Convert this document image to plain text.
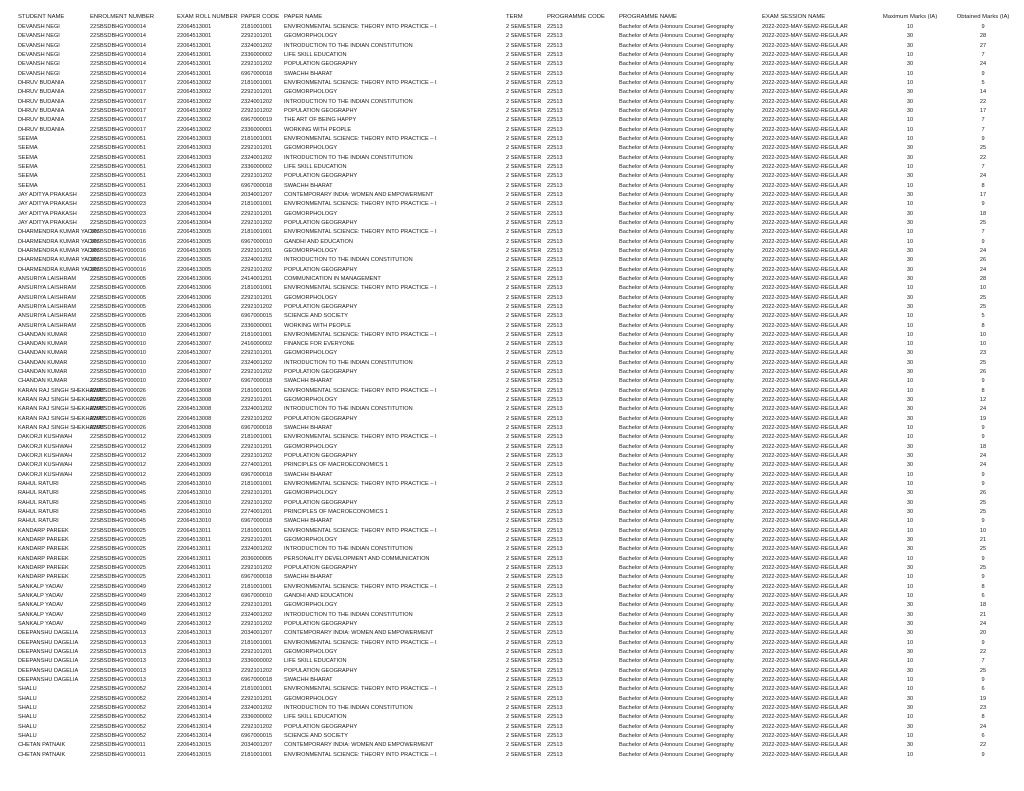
STUDENT NAME	ENROLMENT NUMBER	EXAM ROLL NUMBER	PAPER CODE	PAPER NAME	TERM	PROGRAMME CODE	PROGRAMME NAME	EXAM SESSION NAME	Maximum Marks (IA)	Obtained Marks (IA)
DEVANSH NEGI	22SBSDBHGY000014	22064513001	2181001001	ENVIRONMENTAL SCIENCE: THEORY INTO PRACTICE – I	2 SEMESTER	22513	Bachelor of Arts (Honours Course) Geography	2022-2023-MAY-SEM2-REGULAR	10	9
DEVANSH NEGI	22SBSDBHGY000014	22064513001	2292101201	GEOMORPHOLOGY	2 SEMESTER	22513	Bachelor of Arts (Honours Course) Geography	2022-2023-MAY-SEM2-REGULAR	30	28
DEVANSH NEGI	22SBSDBHGY000014	22064513001	2324001202	INTRODUCTION TO THE INDIAN CONSTITUTION	2 SEMESTER	22513	Bachelor of Arts (Honours Course) Geography	2022-2023-MAY-SEM2-REGULAR	30	27
DEVANSH NEGI	22SBSDBHGY000014	22064513001	2336000002	LIFE SKILL EDUCATION	2 SEMESTER	22513	Bachelor of Arts (Honours Course) Geography	2022-2023-MAY-SEM2-REGULAR	10	7
DEVANSH NEGI	22SBSDBHGY000014	22064513001	2292101202	POPULATION GEOGRAPHY	2 SEMESTER	22513	Bachelor of Arts (Honours Course) Geography	2022-2023-MAY-SEM2-REGULAR	30	24
DEVANSH NEGI	22SBSDBHGY000014	22064513001	6967000018	SWACHH BHARAT	2 SEMESTER	22513	Bachelor of Arts (Honours Course) Geography	2022-2023-MAY-SEM2-REGULAR	10	9
DHRUV BUDANIA	22SBSDBHGY000017	22064513002	2181001001	ENVIRONMENTAL SCIENCE: THEORY INTO PRACTICE – I	2 SEMESTER	22513	Bachelor of Arts (Honours Course) Geography	2022-2023-MAY-SEM2-REGULAR	10	5
DHRUV BUDANIA	22SBSDBHGY000017	22064513002	2292101201	GEOMORPHOLOGY	2 SEMESTER	22513	Bachelor of Arts (Honours Course) Geography	2022-2023-MAY-SEM2-REGULAR	30	14
DHRUV BUDANIA	22SBSDBHGY000017	22064513002	2324001202	INTRODUCTION TO THE INDIAN CONSTITUTION	2 SEMESTER	22513	Bachelor of Arts (Honours Course) Geography	2022-2023-MAY-SEM2-REGULAR	30	22
DHRUV BUDANIA	22SBSDBHGY000017	22064513002	2292101202	POPULATION GEOGRAPHY	2 SEMESTER	22513	Bachelor of Arts (Honours Course) Geography	2022-2023-MAY-SEM2-REGULAR	30	17
DHRUV BUDANIA	22SBSDBHGY000017	22064513002	6967000019	THE ART OF BEING HAPPY	2 SEMESTER	22513	Bachelor of Arts (Honours Course) Geography	2022-2023-MAY-SEM2-REGULAR	10	7
DHRUV BUDANIA	22SBSDBHGY000017	22064513002	2336000001	WORKING WITH PEOPLE	2 SEMESTER	22513	Bachelor of Arts (Honours Course) Geography	2022-2023-MAY-SEM2-REGULAR	10	7
SEEMA	22SBSDBHGY000051	22064513003	2181001001	ENVIRONMENTAL SCIENCE: THEORY INTO PRACTICE – I	2 SEMESTER	22513	Bachelor of Arts (Honours Course) Geography	2022-2023-MAY-SEM2-REGULAR	10	9
SEEMA	22SBSDBHGY000051	22064513003	2292101201	GEOMORPHOLOGY	2 SEMESTER	22513	Bachelor of Arts (Honours Course) Geography	2022-2023-MAY-SEM2-REGULAR	30	25
SEEMA	22SBSDBHGY000051	22064513003	2324001202	INTRODUCTION TO THE INDIAN CONSTITUTION	2 SEMESTER	22513	Bachelor of Arts (Honours Course) Geography	2022-2023-MAY-SEM2-REGULAR	30	22
SEEMA	22SBSDBHGY000051	22064513003	2336000002	LIFE SKILL EDUCATION	2 SEMESTER	22513	Bachelor of Arts (Honours Course) Geography	2022-2023-MAY-SEM2-REGULAR	10	7
SEEMA	22SBSDBHGY000051	22064513003	2292101202	POPULATION GEOGRAPHY	2 SEMESTER	22513	Bachelor of Arts (Honours Course) Geography	2022-2023-MAY-SEM2-REGULAR	30	24
SEEMA	22SBSDBHGY000051	22064513003	6967000018	SWACHH BHARAT	2 SEMESTER	22513	Bachelor of Arts (Honours Course) Geography	2022-2023-MAY-SEM2-REGULAR	10	8
JAY ADITYA PRAKASH	22SBSDBHGY000023	22064513004	2034001207	CONTEMPORARY INDIA: WOMEN AND EMPOWERMENT	2 SEMESTER	22513	Bachelor of Arts (Honours Course) Geography	2022-2023-MAY-SEM2-REGULAR	30	17
JAY ADITYA PRAKASH	22SBSDBHGY000023	22064513004	2181001001	ENVIRONMENTAL SCIENCE: THEORY INTO PRACTICE – I	2 SEMESTER	22513	Bachelor of Arts (Honours Course) Geography	2022-2023-MAY-SEM2-REGULAR	10	9
JAY ADITYA PRAKASH	22SBSDBHGY000023	22064513004	2292101201	GEOMORPHOLOGY	2 SEMESTER	22513	Bachelor of Arts (Honours Course) Geography	2022-2023-MAY-SEM2-REGULAR	30	18
JAY ADITYA PRAKASH	22SBSDBHGY000023	22064513004	2292101202	POPULATION GEOGRAPHY	2 SEMESTER	22513	Bachelor of Arts (Honours Course) Geography	2022-2023-MAY-SEM2-REGULAR	30	25
DHARMENDRA KUMAR YADAV	22SBSDBHGY000016	22064513005	2181001001	ENVIRONMENTAL SCIENCE: THEORY INTO PRACTICE – I	2 SEMESTER	22513	Bachelor of Arts (Honours Course) Geography	2022-2023-MAY-SEM2-REGULAR	10	7
DHARMENDRA KUMAR YADAV	22SBSDBHGY000016	22064513005	6967000010	GANDHI AND EDUCATION	2 SEMESTER	22513	Bachelor of Arts (Honours Course) Geography	2022-2023-MAY-SEM2-REGULAR	10	9
DHARMENDRA KUMAR YADAV	22SBSDBHGY000016	22064513005	2292101201	GEOMORPHOLOGY	2 SEMESTER	22513	Bachelor of Arts (Honours Course) Geography	2022-2023-MAY-SEM2-REGULAR	30	24
DHARMENDRA KUMAR YADAV	22SBSDBHGY000016	22064513005	2324001202	INTRODUCTION TO THE INDIAN CONSTITUTION	2 SEMESTER	22513	Bachelor of Arts (Honours Course) Geography	2022-2023-MAY-SEM2-REGULAR	30	26
DHARMENDRA KUMAR YADAV	22SBSDBHGY000016	22064513005	2292101202	POPULATION GEOGRAPHY	2 SEMESTER	22513	Bachelor of Arts (Honours Course) Geography	2022-2023-MAY-SEM2-REGULAR	30	24
ANSURIYA LAISHRAM	22SBSDBHGY000005	22064513006	2414001201	COMMUNICATION IN MANAGEMENT	2 SEMESTER	22513	Bachelor of Arts (Honours Course) Geography	2022-2023-MAY-SEM2-REGULAR	30	28
ANSURIYA LAISHRAM	22SBSDBHGY000005	22064513006	2181001001	ENVIRONMENTAL SCIENCE: THEORY INTO PRACTICE – I	2 SEMESTER	22513	Bachelor of Arts (Honours Course) Geography	2022-2023-MAY-SEM2-REGULAR	10	10
ANSURIYA LAISHRAM	22SBSDBHGY000005	22064513006	2292101201	GEOMORPHOLOGY	2 SEMESTER	22513	Bachelor of Arts (Honours Course) Geography	2022-2023-MAY-SEM2-REGULAR	30	25
ANSURIYA LAISHRAM	22SBSDBHGY000005	22064513006	2292101202	POPULATION GEOGRAPHY	2 SEMESTER	22513	Bachelor of Arts (Honours Course) Geography	2022-2023-MAY-SEM2-REGULAR	30	25
ANSURIYA LAISHRAM	22SBSDBHGY000005	22064513006	6967000015	SCIENCE AND SOCIETY	2 SEMESTER	22513	Bachelor of Arts (Honours Course) Geography	2022-2023-MAY-SEM2-REGULAR	10	5
ANSURIYA LAISHRAM	22SBSDBHGY000005	22064513006	2336000001	WORKING WITH PEOPLE	2 SEMESTER	22513	Bachelor of Arts (Honours Course) Geography	2022-2023-MAY-SEM2-REGULAR	10	8
CHANDAN KUMAR	22SBSDBHGY000010	22064513007	2181001001	ENVIRONMENTAL SCIENCE: THEORY INTO PRACTICE – I	2 SEMESTER	22513	Bachelor of Arts (Honours Course) Geography	2022-2023-MAY-SEM2-REGULAR	10	10
CHANDAN KUMAR	22SBSDBHGY000010	22064513007	2416000002	FINANCE FOR EVERYONE	2 SEMESTER	22513	Bachelor of Arts (Honours Course) Geography	2022-2023-MAY-SEM2-REGULAR	10	10
CHANDAN KUMAR	22SBSDBHGY000010	22064513007	2292101201	GEOMORPHOLOGY	2 SEMESTER	22513	Bachelor of Arts (Honours Course) Geography	2022-2023-MAY-SEM2-REGULAR	30	23
CHANDAN KUMAR	22SBSDBHGY000010	22064513007	2324001202	INTRODUCTION TO THE INDIAN CONSTITUTION	2 SEMESTER	22513	Bachelor of Arts (Honours Course) Geography	2022-2023-MAY-SEM2-REGULAR	30	25
CHANDAN KUMAR	22SBSDBHGY000010	22064513007	2292101202	POPULATION GEOGRAPHY	2 SEMESTER	22513	Bachelor of Arts (Honours Course) Geography	2022-2023-MAY-SEM2-REGULAR	30	26
CHANDAN KUMAR	22SBSDBHGY000010	22064513007	6967000018	SWACHH BHARAT	2 SEMESTER	22513	Bachelor of Arts (Honours Course) Geography	2022-2023-MAY-SEM2-REGULAR	10	9
KARAN RAJ SINGH SHEKHAWAT	22SBSDBHGY000026	22064513008	2181001001	ENVIRONMENTAL SCIENCE: THEORY INTO PRACTICE – I	2 SEMESTER	22513	Bachelor of Arts (Honours Course) Geography	2022-2023-MAY-SEM2-REGULAR	10	8
KARAN RAJ SINGH SHEKHAWAT	22SBSDBHGY000026	22064513008	2292101201	GEOMORPHOLOGY	2 SEMESTER	22513	Bachelor of Arts (Honours Course) Geography	2022-2023-MAY-SEM2-REGULAR	30	12
KARAN RAJ SINGH SHEKHAWAT	22SBSDBHGY000026	22064513008	2324001202	INTRODUCTION TO THE INDIAN CONSTITUTION	2 SEMESTER	22513	Bachelor of Arts (Honours Course) Geography	2022-2023-MAY-SEM2-REGULAR	30	24
KARAN RAJ SINGH SHEKHAWAT	22SBSDBHGY000026	22064513008	2292101202	POPULATION GEOGRAPHY	2 SEMESTER	22513	Bachelor of Arts (Honours Course) Geography	2022-2023-MAY-SEM2-REGULAR	30	19
KARAN RAJ SINGH SHEKHAWAT	22SBSDBHGY000026	22064513008	6967000018	SWACHH BHARAT	2 SEMESTER	22513	Bachelor of Arts (Honours Course) Geography	2022-2023-MAY-SEM2-REGULAR	10	9
DAKORJI KUSHWAH	22SBSDBHGY000012	22064513009	2181001001	ENVIRONMENTAL SCIENCE: THEORY INTO PRACTICE – I	2 SEMESTER	22513	Bachelor of Arts (Honours Course) Geography	2022-2023-MAY-SEM2-REGULAR	10	9
DAKORJI KUSHWAH	22SBSDBHGY000012	22064513009	2292101201	GEOMORPHOLOGY	2 SEMESTER	22513	Bachelor of Arts (Honours Course) Geography	2022-2023-MAY-SEM2-REGULAR	30	18
DAKORJI KUSHWAH	22SBSDBHGY000012	22064513009	2292101202	POPULATION GEOGRAPHY	2 SEMESTER	22513	Bachelor of Arts (Honours Course) Geography	2022-2023-MAY-SEM2-REGULAR	30	24
DAKORJI KUSHWAH	22SBSDBHGY000012	22064513009	2274001201	PRINCIPLES OF MACROECONOMICS 1	2 SEMESTER	22513	Bachelor of Arts (Honours Course) Geography	2022-2023-MAY-SEM2-REGULAR	30	24
DAKORJI KUSHWAH	22SBSDBHGY000012	22064513009	6967000018	SWACHH BHARAT	2 SEMESTER	22513	Bachelor of Arts (Honours Course) Geography	2022-2023-MAY-SEM2-REGULAR	10	9
RAHUL RATURI	22SBSDBHGY000045	22064513010	2181001001	ENVIRONMENTAL SCIENCE: THEORY INTO PRACTICE – I	2 SEMESTER	22513	Bachelor of Arts (Honours Course) Geography	2022-2023-MAY-SEM2-REGULAR	10	9
RAHUL RATURI	22SBSDBHGY000045	22064513010	2292101201	GEOMORPHOLOGY	2 SEMESTER	22513	Bachelor of Arts (Honours Course) Geography	2022-2023-MAY-SEM2-REGULAR	30	26
RAHUL RATURI	22SBSDBHGY000045	22064513010	2292101202	POPULATION GEOGRAPHY	2 SEMESTER	22513	Bachelor of Arts (Honours Course) Geography	2022-2023-MAY-SEM2-REGULAR	30	25
RAHUL RATURI	22SBSDBHGY000045	22064513010	2274001201	PRINCIPLES OF MACROECONOMICS 1	2 SEMESTER	22513	Bachelor of Arts (Honours Course) Geography	2022-2023-MAY-SEM2-REGULAR	30	25
RAHUL RATURI	22SBSDBHGY000045	22064513010	6967000018	SWACHH BHARAT	2 SEMESTER	22513	Bachelor of Arts (Honours Course) Geography	2022-2023-MAY-SEM2-REGULAR	10	9
KANDARP PAREEK	22SBSDBHGY000025	22064513011	2181001001	ENVIRONMENTAL SCIENCE: THEORY INTO PRACTICE – I	2 SEMESTER	22513	Bachelor of Arts (Honours Course) Geography	2022-2023-MAY-SEM2-REGULAR	10	10
KANDARP PAREEK	22SBSDBHGY000025	22064513011	2292101201	GEOMORPHOLOGY	2 SEMESTER	22513	Bachelor of Arts (Honours Course) Geography	2022-2023-MAY-SEM2-REGULAR	30	21
KANDARP PAREEK	22SBSDBHGY000025	22064513011	2324001202	INTRODUCTION TO THE INDIAN CONSTITUTION	2 SEMESTER	22513	Bachelor of Arts (Honours Course) Geography	2022-2023-MAY-SEM2-REGULAR	30	25
KANDARP PAREEK	22SBSDBHGY000025	22064513011	2036000005	PERSONALITY DEVELOPMENT AND COMMUNICATION	2 SEMESTER	22513	Bachelor of Arts (Honours Course) Geography	2022-2023-MAY-SEM2-REGULAR	10	9
KANDARP PAREEK	22SBSDBHGY000025	22064513011	2292101202	POPULATION GEOGRAPHY	2 SEMESTER	22513	Bachelor of Arts (Honours Course) Geography	2022-2023-MAY-SEM2-REGULAR	30	25
KANDARP PAREEK	22SBSDBHGY000025	22064513011	6967000018	SWACHH BHARAT	2 SEMESTER	22513	Bachelor of Arts (Honours Course) Geography	2022-2023-MAY-SEM2-REGULAR	10	9
SANKALP YADAV	22SBSDBHGY000049	22064513012	2181001001	ENVIRONMENTAL SCIENCE: THEORY INTO PRACTICE – I	2 SEMESTER	22513	Bachelor of Arts (Honours Course) Geography	2022-2023-MAY-SEM2-REGULAR	10	8
SANKALP YADAV	22SBSDBHGY000049	22064513012	6967000010	GANDHI AND EDUCATION	2 SEMESTER	22513	Bachelor of Arts (Honours Course) Geography	2022-2023-MAY-SEM2-REGULAR	10	6
SANKALP YADAV	22SBSDBHGY000049	22064513012	2292101201	GEOMORPHOLOGY	2 SEMESTER	22513	Bachelor of Arts (Honours Course) Geography	2022-2023-MAY-SEM2-REGULAR	30	18
SANKALP YADAV	22SBSDBHGY000049	22064513012	2324001202	INTRODUCTION TO THE INDIAN CONSTITUTION	2 SEMESTER	22513	Bachelor of Arts (Honours Course) Geography	2022-2023-MAY-SEM2-REGULAR	30	21
SANKALP YADAV	22SBSDBHGY000049	22064513012	2292101202	POPULATION GEOGRAPHY	2 SEMESTER	22513	Bachelor of Arts (Honours Course) Geography	2022-2023-MAY-SEM2-REGULAR	30	24
DEEPANSHU DAGELIA	22SBSDBHGY000013	22064513013	2034001207	CONTEMPORARY INDIA: WOMEN AND EMPOWERMENT	2 SEMESTER	22513	Bachelor of Arts (Honours Course) Geography	2022-2023-MAY-SEM2-REGULAR	30	20
DEEPANSHU DAGELIA	22SBSDBHGY000013	22064513013	2181001001	ENVIRONMENTAL SCIENCE: THEORY INTO PRACTICE – I	2 SEMESTER	22513	Bachelor of Arts (Honours Course) Geography	2022-2023-MAY-SEM2-REGULAR	10	9
DEEPANSHU DAGELIA	22SBSDBHGY000013	22064513013	2292101201	GEOMORPHOLOGY	2 SEMESTER	22513	Bachelor of Arts (Honours Course) Geography	2022-2023-MAY-SEM2-REGULAR	30	22
DEEPANSHU DAGELIA	22SBSDBHGY000013	22064513013	2336000002	LIFE SKILL EDUCATION	2 SEMESTER	22513	Bachelor of Arts (Honours Course) Geography	2022-2023-MAY-SEM2-REGULAR	10	7
DEEPANSHU DAGELIA	22SBSDBHGY000013	22064513013	2292101202	POPULATION GEOGRAPHY	2 SEMESTER	22513	Bachelor of Arts (Honours Course) Geography	2022-2023-MAY-SEM2-REGULAR	30	25
DEEPANSHU DAGELIA	22SBSDBHGY000013	22064513013	6967000018	SWACHH BHARAT	2 SEMESTER	22513	Bachelor of Arts (Honours Course) Geography	2022-2023-MAY-SEM2-REGULAR	10	9
SHALU	22SBSDBHGY000052	22064513014	2181001001	ENVIRONMENTAL SCIENCE: THEORY INTO PRACTICE – I	2 SEMESTER	22513	Bachelor of Arts (Honours Course) Geography	2022-2023-MAY-SEM2-REGULAR	10	6
SHALU	22SBSDBHGY000052	22064513014	2292101201	GEOMORPHOLOGY	2 SEMESTER	22513	Bachelor of Arts (Honours Course) Geography	2022-2023-MAY-SEM2-REGULAR	30	19
SHALU	22SBSDBHGY000052	22064513014	2324001202	INTRODUCTION TO THE INDIAN CONSTITUTION	2 SEMESTER	22513	Bachelor of Arts (Honours Course) Geography	2022-2023-MAY-SEM2-REGULAR	30	23
SHALU	22SBSDBHGY000052	22064513014	2336000002	LIFE SKILL EDUCATION	2 SEMESTER	22513	Bachelor of Arts (Honours Course) Geography	2022-2023-MAY-SEM2-REGULAR	10	8
SHALU	22SBSDBHGY000052	22064513014	2292101202	POPULATION GEOGRAPHY	2 SEMESTER	22513	Bachelor of Arts (Honours Course) Geography	2022-2023-MAY-SEM2-REGULAR	30	24
SHALU	22SBSDBHGY000052	22064513014	6967000015	SCIENCE AND SOCIETY	2 SEMESTER	22513	Bachelor of Arts (Honours Course) Geography	2022-2023-MAY-SEM2-REGULAR	10	6
CHETAN PATNAIK	22SBSDBHGY000011	22064513015	2034001207	CONTEMPORARY INDIA: WOMEN AND EMPOWERMENT	2 SEMESTER	22513	Bachelor of Arts (Honours Course) Geography	2022-2023-MAY-SEM2-REGULAR	30	22
CHETAN PATNAIK	22SBSDBHGY000011	22064513015	2181001001	ENVIRONMENTAL SCIENCE: THEORY INTO PRACTICE – I	2 SEMESTER	22513	Bachelor of Arts (Honours Course) Geography	2022-2023-MAY-SEM2-REGULAR	10	9
